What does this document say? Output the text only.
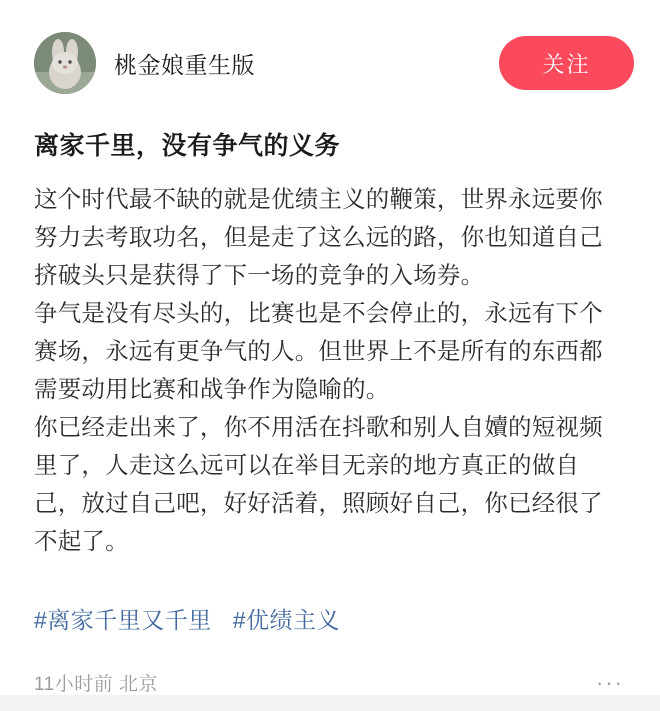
桃金娘重生版	关注
离家千里，没有争气的义务

这个时代最不缺的就是优绩主义的鞭策，世界永远要你努力去考取功名，但是走了这么远的路，你也知道自己挤破头只是获得了下一场的竞争的入场券。

争气是没有尽头的，比赛也是不会停止的，永远有下个赛场，永远有更争气的人。但世界上不是所有的东西都需要动用比赛和战争作为隐喻的。

你已经走出来了，你不用活在抖歌和别人自嬻的短视频里了，人走这么远可以在举目无亲的地方真正的做自己，放过自己吧，好好活着，照顾好自己，你已经很了不起了。

#离家千里又千里 #优绩主义
11小时前 北京	···
